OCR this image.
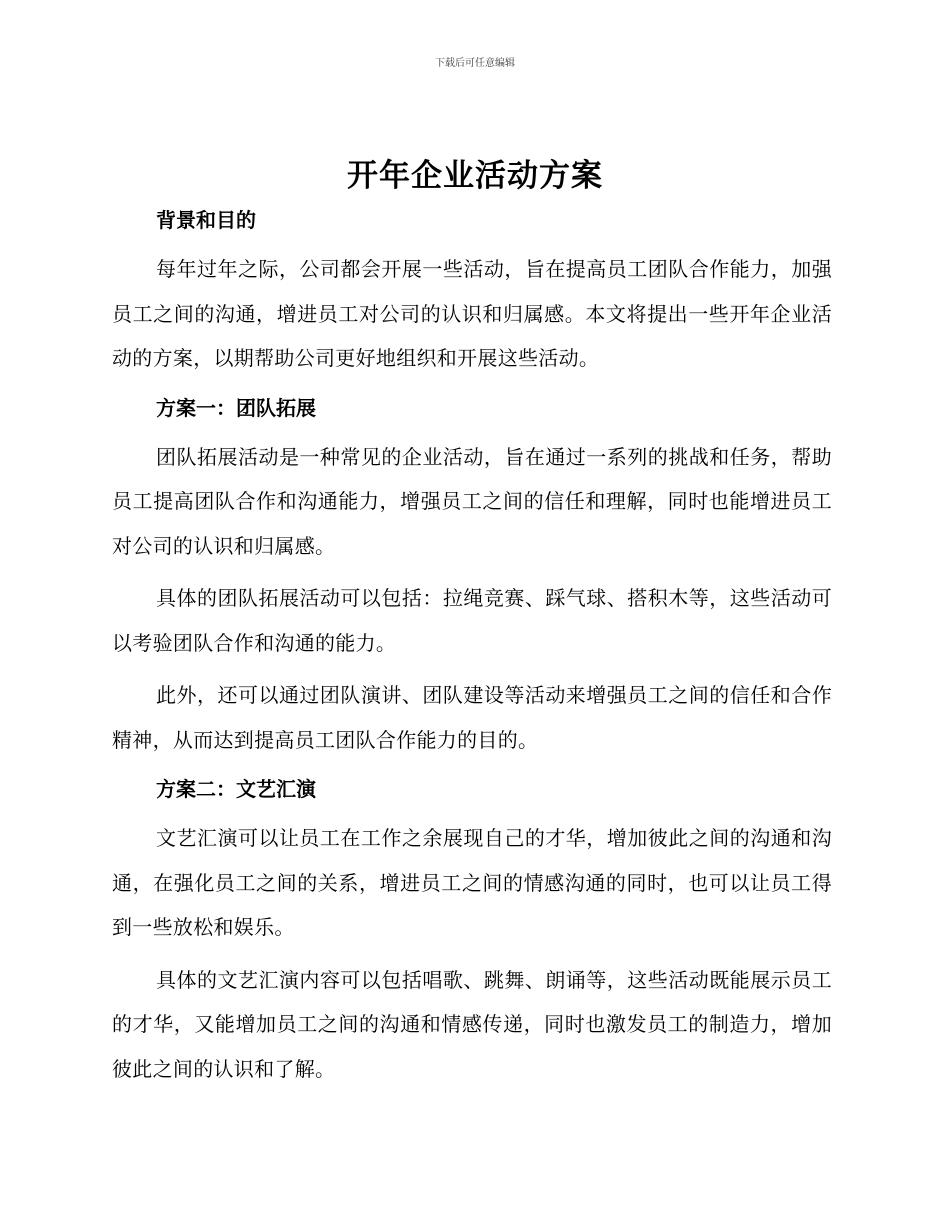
下载后可任意编辑
开年企业活动方案
背景和目的

每年过年之际，公司都会开展一些活动，旨在提高员工团队合作能力，加强员工之间的沟通，增进员工对公司的认识和归属感。本文将提出一些开年企业活动的方案，以期帮助公司更好地组织和开展这些活动。

方案一：团队拓展

团队拓展活动是一种常见的企业活动，旨在通过一系列的挑战和任务，帮助员工提高团队合作和沟通能力，增强员工之间的信任和理解，同时也能增进员工对公司的认识和归属感。

具体的团队拓展活动可以包括：拉绳竞赛、踩气球、搭积木等，这些活动可以考验团队合作和沟通的能力。

此外，还可以通过团队演讲、团队建设等活动来增强员工之间的信任和合作精神，从而达到提高员工团队合作能力的目的。

方案二：文艺汇演

文艺汇演可以让员工在工作之余展现自己的才华，增加彼此之间的沟通和沟通，在强化员工之间的关系，增进员工之间的情感沟通的同时，也可以让员工得到一些放松和娱乐。

具体的文艺汇演内容可以包括唱歌、跳舞、朗诵等，这些活动既能展示员工的才华，又能增加员工之间的沟通和情感传递，同时也激发员工的制造力，增加彼此之间的认识和了解。
